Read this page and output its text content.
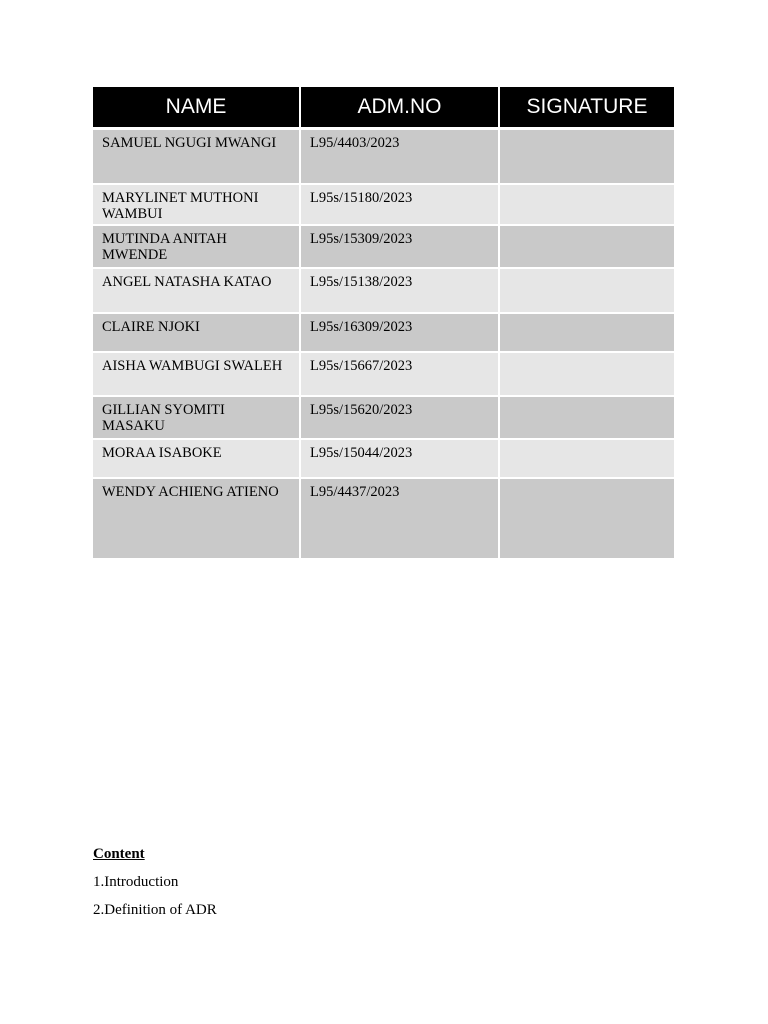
NAME	ADM.NO	SIGNATURE
SAMUEL NGUGI MWANGI	L95/4403/2023	
MARYLINET MUTHONI WAMBUI	L95s/15180/2023	
MUTINDA ANITAH MWENDE	L95s/15309/2023	
ANGEL NATASHA KATAO	L95s/15138/2023	
CLAIRE NJOKI	L95s/16309/2023	
AISHA WAMBUGI SWALEH	L95s/15667/2023	
GILLIAN SYOMITI MASAKU	L95s/15620/2023	
MORAA ISABOKE	L95s/15044/2023	
WENDY ACHIENG ATIENO	L95/4437/2023	
Content
1.Introduction
2.Definition of ADR
